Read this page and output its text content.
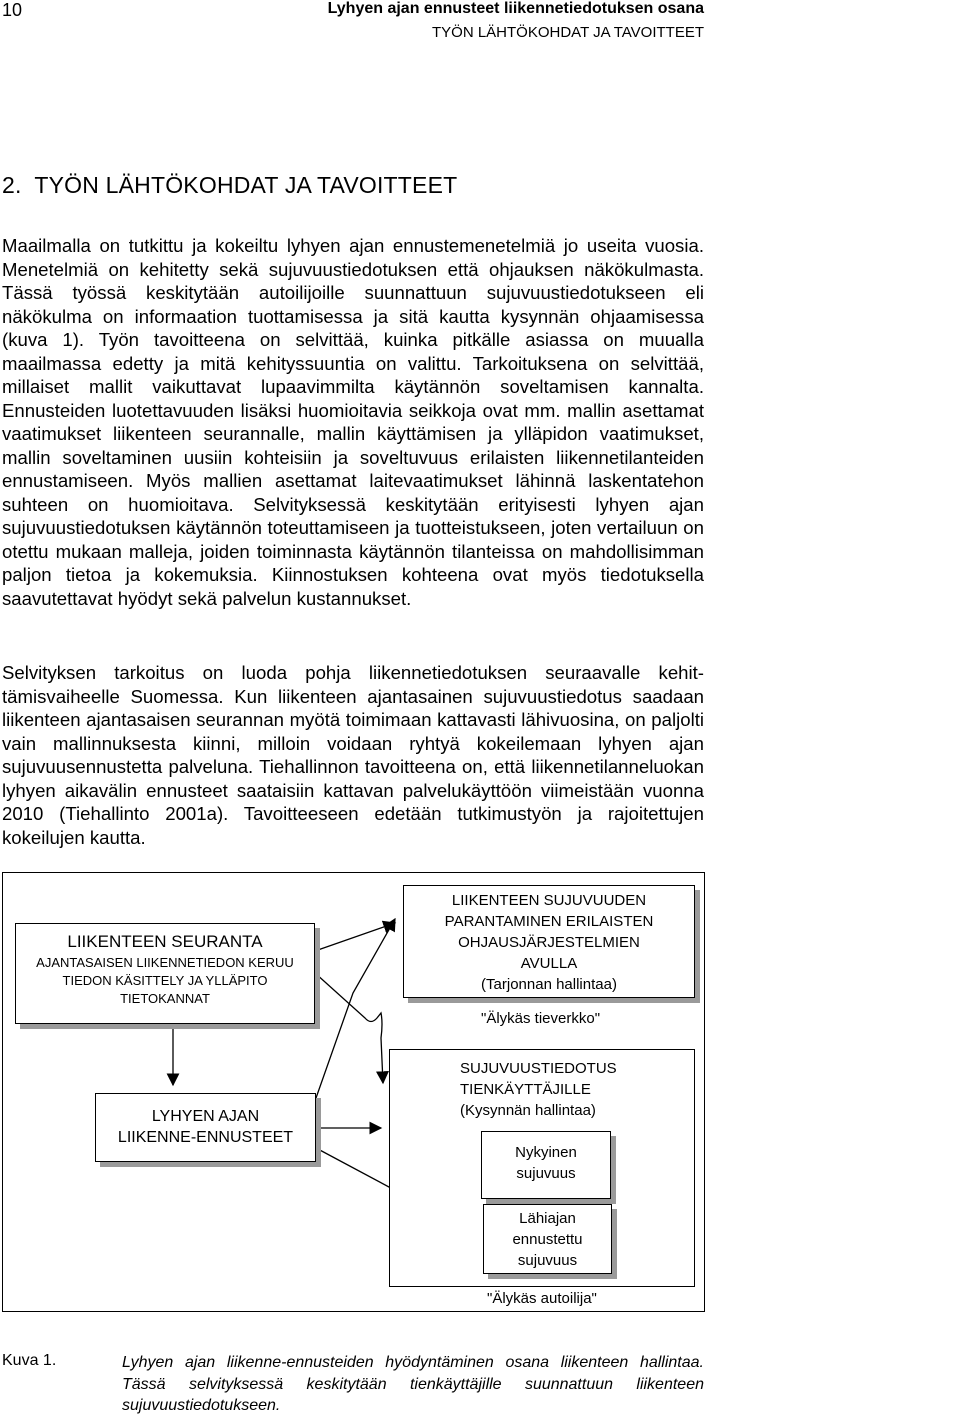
10	Lyhyen ajan ennusteet liikennetiedotuksen osana
TYÖN LÄHTÖKOHDAT JA TAVOITTEET
2.  TYÖN LÄHTÖKOHDAT JA TAVOITTEET

Maailmalla on tutkittu ja kokeiltu lyhyen ajan ennustemenetelmiä jo useita vuosia. Menetelmiä on kehitetty sekä sujuvuustiedotuksen että ohjauksen näkökulmasta. Tässä työssä keskitytään autoilijoille suunnattuun sujuvuustiedotukseen eli näkökulma on informaation tuottamisessa ja sitä kautta kysynnän ohjaamisessa (kuva 1). Työn tavoitteena on selvittää, kuinka pitkälle asiassa on muualla maailmassa edetty ja mitä kehityssuuntia on valittu. Tarkoituksena on selvittää, millaiset mallit vaikuttavat lupaavimmilta käytännön soveltamisen kannalta. Ennusteiden luotettavuuden lisäksi huomioitavia seikkoja ovat mm. mallin asettamat vaatimukset liikenteen seurannalle, mallin käyttämisen ja ylläpidon vaatimukset, mallin soveltaminen uusiin kohteisiin ja soveltuvuus erilaisten liikennetilanteiden ennustamiseen. Myös mallien asettamat laitevaatimukset lähinnä laskentatehon suhteen on huomioitava. Selvityksessä keskitytään erityisesti lyhyen ajan sujuvuustiedotuksen käytännön toteuttamiseen ja tuotteistukseen, joten vertailuun on otettu mukaan malleja, joiden toiminnasta käytännön tilanteissa on mahdollisimman paljon tietoa ja kokemuksia. Kiinnostuksen kohteena ovat myös tiedotuksella saavutettavat hyödyt sekä palvelun kustannukset.

Selvityksen tarkoitus on luoda pohja liikennetiedotuksen seuraavalle kehittämisvaiheelle Suomessa. Kun liikenteen ajantasainen sujuvuustiedotus saadaan liikenteen ajantasaisen seurannan myötä toimimaan kattavasti lähivuosina, on paljolti vain mallinnuksesta kiinni, milloin voidaan ryhtyä kokeilemaan lyhyen ajan sujuvuusennustetta palveluna. Tiehallinnon tavoitteena on, että liikennetilanneluokan lyhyen aikavälin ennusteet saataisiin kattavan palvelukäyttöön viimeistään vuonna 2010 (Tiehallinto 2001a). Tavoitteeseen edetään tutkimustyön ja rajoitettujen kokeilujen kautta.

LIIKENTEEN SEURANTA
AJANTASAISEN LIIKENNETIEDON KERUU
TIEDON KÄSITTELY JA YLLÄPITO
TIETOKANNAT
LYHYEN AJAN
LIIKENNE-ENNUSTEET
LIIKENTEEN SUJUVUUDEN
PARANTAMINEN ERILAISTEN
OHJAUSJÄRJESTELMIEN
AVULLA
(Tarjonnan hallintaa)
"Älykäs tieverkko"
SUJUVUUSTIEDOTUS
TIENKÄYTTÄJILLE
(Kysynnän hallintaa)
Nykyinen
sujuvuus
Lähiajan
ennustettu
sujuvuus
"Älykäs autoilija"
Kuva 1.	Lyhyen ajan liikenne-ennusteiden hyödyntäminen osana liikenteen hallintaa. Tässä selvityksessä keskitytään tienkäyttäjille suunnattuun liikenteen sujuvuustiedotukseen.
